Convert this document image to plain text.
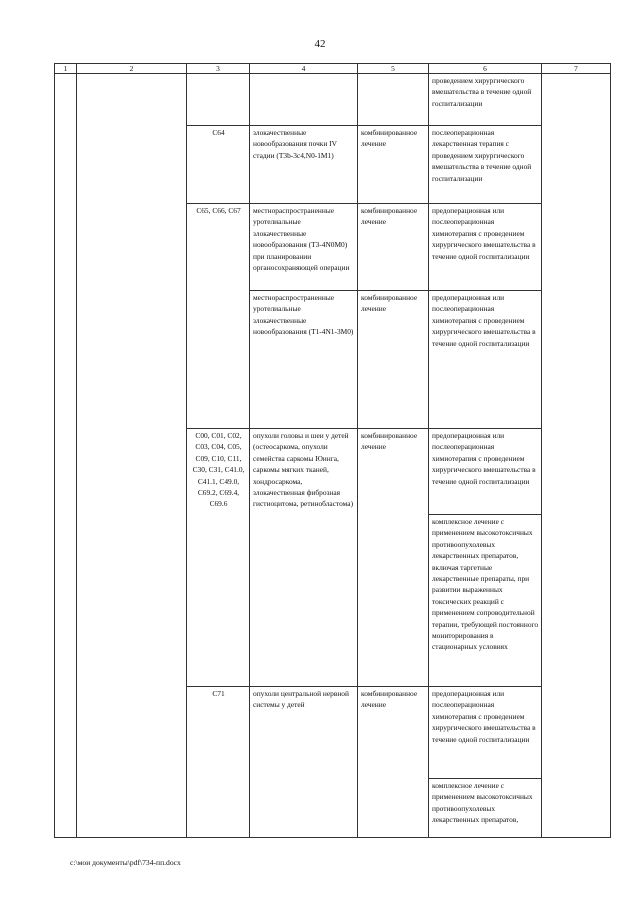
42
1	2	3	4	5	6	7
					проведением хирургического вмешательства в течение одной госпитализации	
		C64	злокачественные новообразования почки IV стадии (T3b-3c4,N0-1M1)	комбинированное лечение	послеоперационная лекарственная терапия с проведением хирургического вмешательства в течение одной госпитализации	
		C65, C66, C67	местнораспространенные уротелиальные злокачественные новообразования (T3-4N0M0) при планировании органосохраняющей операции	комбинированное лечение	предоперационная или послеоперационная химиотерапия с проведением хирургического вмешательства в течение одной госпитализации	
			местнораспространенные уротелиальные злокачественные новообразования (T1-4N1-3M0)	комбинированное лечение	предоперационная или послеоперационная химиотерапия с проведением хирургического вмешательства в течение одной госпитализации	
		C00, C01, C02, C03, C04, C05, C09, C10, C11, C30, C31, C41.0, C41.1, C49.0, C69.2, C69.4, C69.6	опухоли головы и шеи у детей (остеосаркома, опухоли семейства саркомы Юинга, саркомы мягких тканей, хондросаркома, злокачественная фиброзная гистиоцитома, ретинобластома)	комбинированное лечение	предоперационная или послеоперационная химиотерапия с проведением хирургического вмешательства в течение одной госпитализации	
					комплексное лечение с применением высокотоксичных противоопухолевых лекарственных препаратов, включая таргетные лекарственные препараты, при развитии выраженных токсических реакций с применением сопроводительной терапии, требующей постоянного мониторирования в стационарных условиях	
		C71	опухоли центральной нервной системы у детей	комбинированное лечение	предоперационная или послеоперационная химиотерапия с проведением хирургического вмешательства в течение одной госпитализации	
					комплексное лечение с применением высокотоксичных противоопухолевых лекарственных препаратов,	
c:\мои документы\pdf\734-пп.docx
